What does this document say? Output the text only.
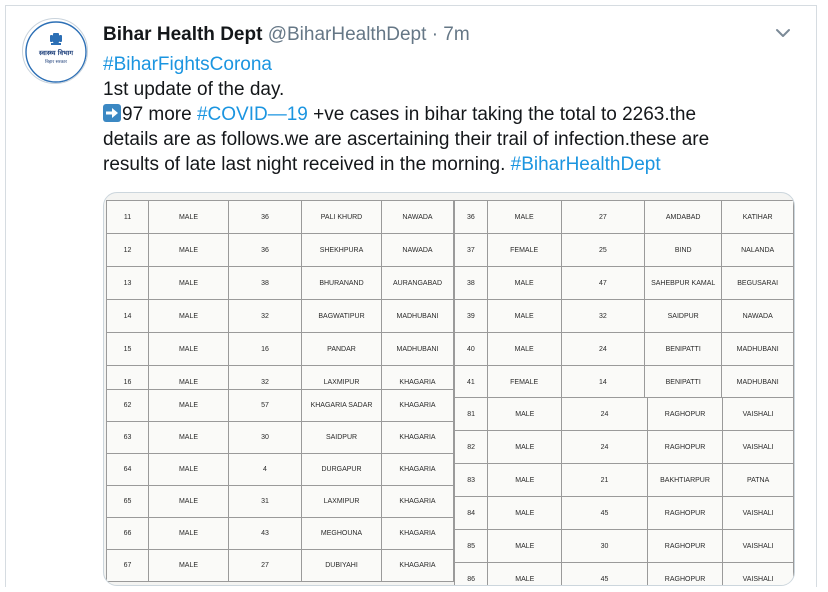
स्वास्थ्य विभाग
बिहार सरकार
Bihar Health Dept @BiharHealthDept · 7m
#BiharFightsCorona
1st update of the day.
97 more #COVID—19 +ve cases in bihar taking the total to 2263.the
details are as follows.we are ascertaining their trail of infection.these are
results of late last night received in the morning. #BiharHealthDept
11	MALE	36	PALI KHURD	NAWADA
12	MALE	36	SHEKHPURA	NAWADA
13	MALE	38	BHURANAND	AURANGABAD
14	MALE	32	BAGWATIPUR	MADHUBANI
15	MALE	16	PANDAR	MADHUBANI
16	MALE	32	LAXMIPUR	KHAGARIA
36	MALE	27	AMDABAD	KATIHAR
37	FEMALE	25	BIND	NALANDA
38	MALE	47	SAHEBPUR KAMAL	BEGUSARAI
39	MALE	32	SAIDPUR	NAWADA
40	MALE	24	BENIPATTI	MADHUBANI
41	FEMALE	14	BENIPATTI	MADHUBANI
62	MALE	57	KHAGARIA SADAR	KHAGARIA
63	MALE	30	SAIDPUR	KHAGARIA
64	MALE	4	DURGAPUR	KHAGARIA
65	MALE	31	LAXMIPUR	KHAGARIA
66	MALE	43	MEGHOUNA	KHAGARIA
67	MALE	27	DUBIYAHI	KHAGARIA
81	MALE	24	RAGHOPUR	VAISHALI
82	MALE	24	RAGHOPUR	VAISHALI
83	MALE	21	BAKHTIARPUR	PATNA
84	MALE	45	RAGHOPUR	VAISHALI
85	MALE	30	RAGHOPUR	VAISHALI
86	MALE	45	RAGHOPUR	VAISHALI
